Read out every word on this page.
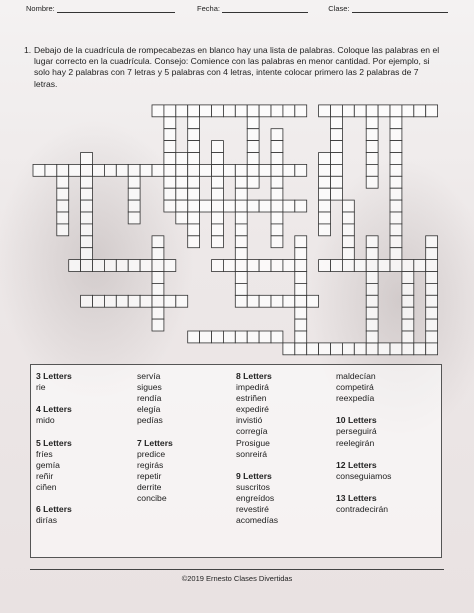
Nombre:	Fecha:	Clase:
1. Debajo de la cuadrícula de rompecabezas en blanco hay una lista de palabras. Coloque las palabras en el lugar correcto en la cuadrícula. Consejo: Comience con las palabras en menor cantidad. Por ejemplo, si solo hay 2 palabras con 7 letras y 5 palabras con 4 letras, intente colocar primero las 2 palabras de 7 letras.
3 Letters
rie
4 Letters
mido
5 Letters
fríes
gemía
reñir
ciñen
6 Letters
dirías
servía
sigues
rendía
elegía
pedías
7 Letters
predice
regirás
repetir
derrite
concibe
8 Letters
impedirá
estriñen
expediré
invistió
corregía
Prosigue
sonreirá
9 Letters
suscritos
engreídos
revestiré
acomedías
maldecían
competirá
reexpedía
10 Letters
perseguirá
reelegirán
12 Letters
conseguiamos
13 Letters
contradecirán
©2019 Ernesto Clases Divertidas
